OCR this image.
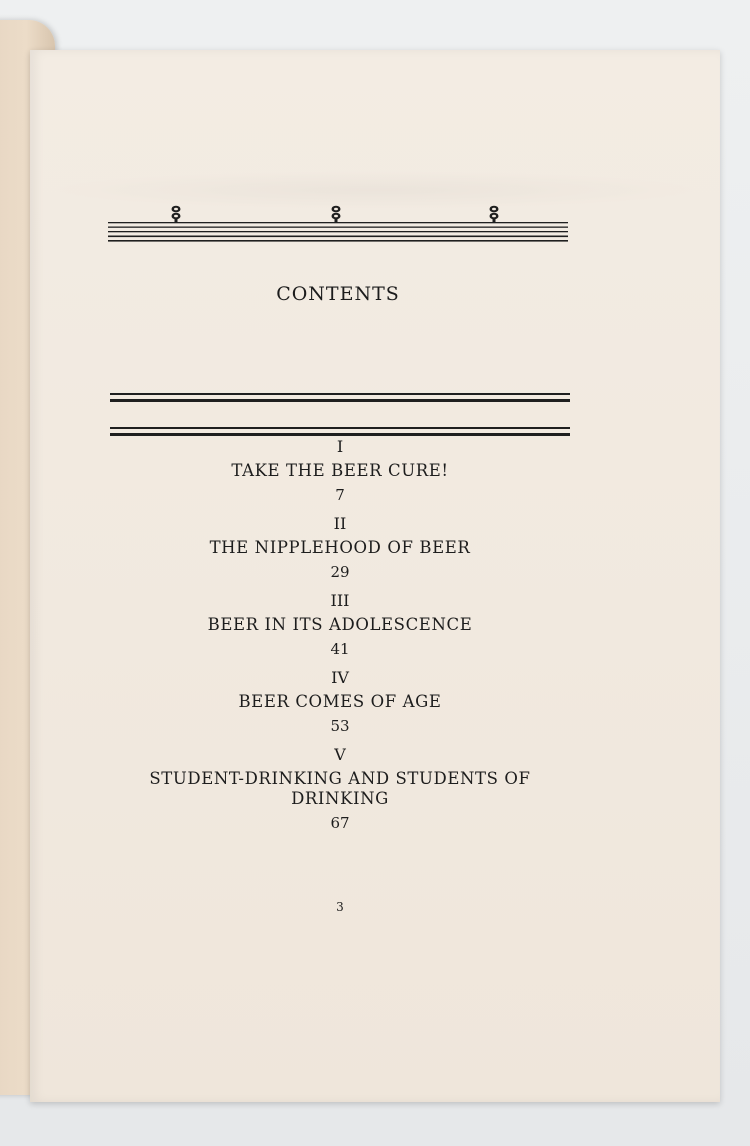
CONTENTS
I
TAKE THE BEER CURE!
7
II
THE NIPPLEHOOD OF BEER
29
III
BEER IN ITS ADOLESCENCE
41
IV
BEER COMES OF AGE
53
V
STUDENT-DRINKING AND STUDENTS OF DRINKING
67
3
